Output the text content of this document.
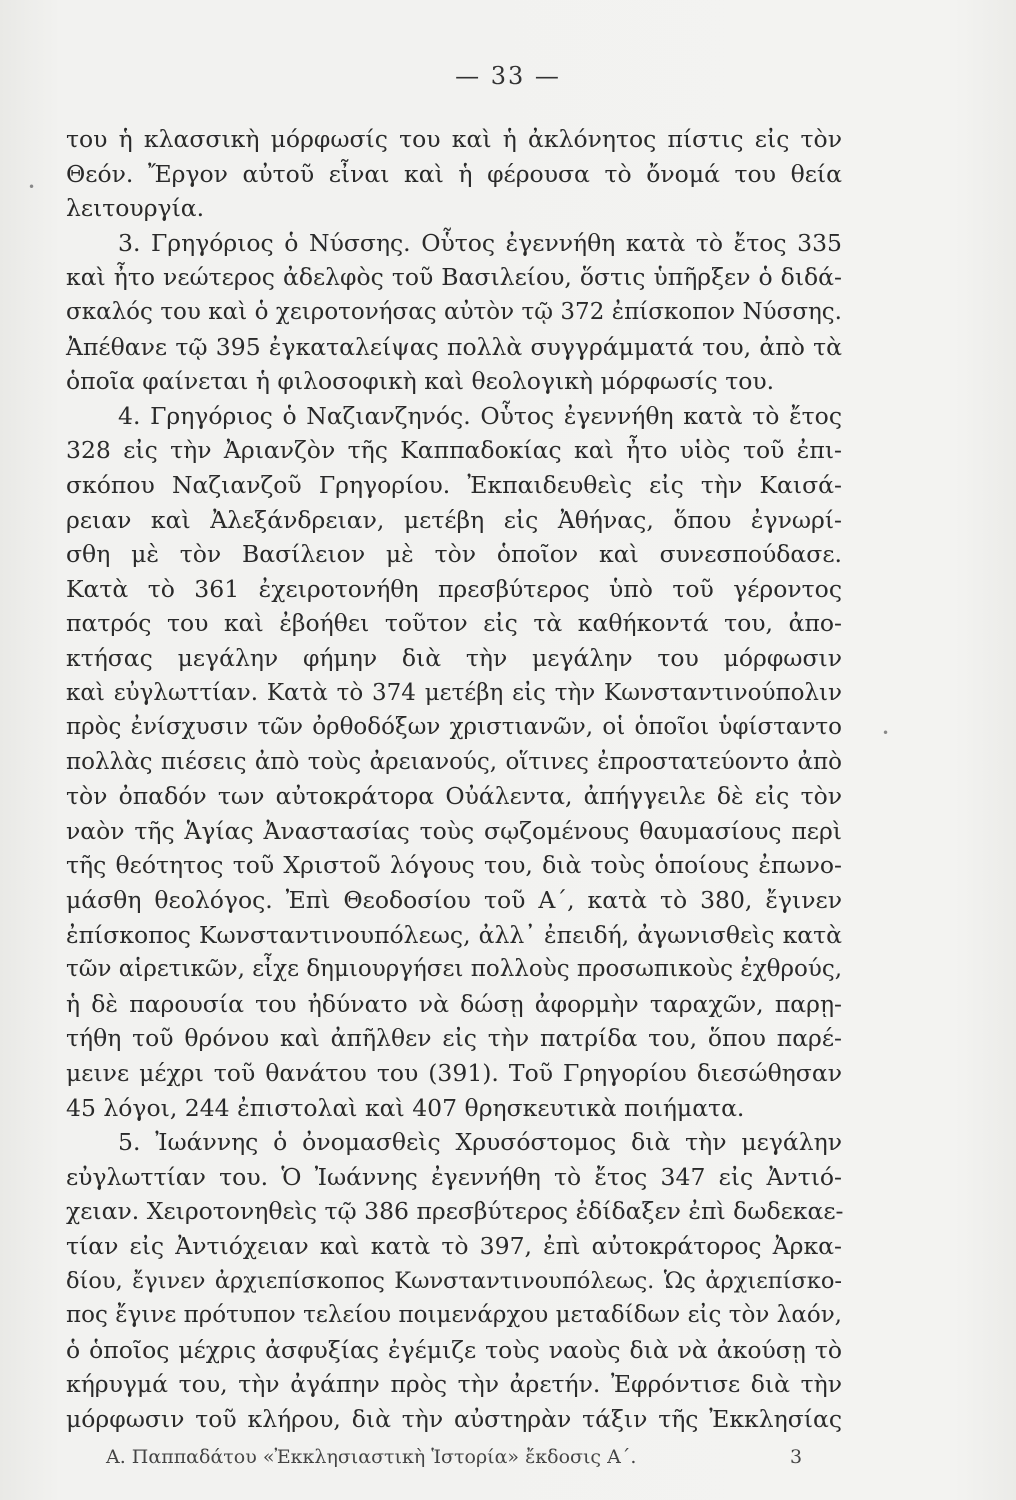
— 33 —
του ἡ κλασσικὴ μόρφωσίς του καὶ ἡ ἀκλόνητος πίστις εἰς τὸν
Θεόν. Ἔργον αὐτοῦ εἶναι καὶ ἡ φέρουσα τὸ ὄνομά του θεία
λειτουργία.
3. Γρηγόριος ὁ Νύσσης. Οὗτος ἐγεννήθη κατὰ τὸ ἔτος 335
καὶ ἦτο νεώτερος ἀδελφὸς τοῦ Βασιλείου, ὅστις ὑπῆρξεν ὁ διδά-
σκαλός του καὶ ὁ χειροτονήσας αὐτὸν τῷ 372 ἐπίσκοπον Νύσσης.
Ἀπέθανε τῷ 395 ἐγκαταλείψας πολλὰ συγγράμματά του, ἀπὸ τὰ
ὁποῖα φαίνεται ἡ φιλοσοφικὴ καὶ θεολογικὴ μόρφωσίς του.
4. Γρηγόριος ὁ Ναζιανζηνός. Οὗτος ἐγεννήθη κατὰ τὸ ἔτος
328 εἰς τὴν Ἀριανζὸν τῆς Καππαδοκίας καὶ ἦτο υἱὸς τοῦ ἐπι-
σκόπου Ναζιανζοῦ Γρηγορίου. Ἐκπαιδευθεὶς εἰς τὴν Καισά-
ρειαν καὶ Ἀλεξάνδρειαν, μετέβη εἰς Ἀθήνας, ὅπου ἐγνωρί-
σθη μὲ τὸν Βασίλειον μὲ τὸν ὁποῖον καὶ συνεσπούδασε.
Κατὰ τὸ 361 ἐχειροτονήθη πρεσβύτερος ὑπὸ τοῦ γέροντος
πατρός του καὶ ἐβοήθει τοῦτον εἰς τὰ καθήκοντά του, ἀπο-
κτήσας μεγάλην φήμην διὰ τὴν μεγάλην του μόρφωσιν
καὶ εὐγλωττίαν. Κατὰ τὸ 374 μετέβη εἰς τὴν Κωνσταντινούπολιν
πρὸς ἐνίσχυσιν τῶν ὀρθοδόξων χριστιανῶν, οἱ ὁποῖοι ὑφίσταντο
πολλὰς πιέσεις ἀπὸ τοὺς ἀρειανούς, οἵτινες ἐπροστατεύοντο ἀπὸ
τὸν ὀπαδόν των αὐτοκράτορα Οὐάλεντα, ἀπήγγειλε δὲ εἰς τὸν
ναὸν τῆς Ἁγίας Ἀναστασίας τοὺς σῳζομένους θαυμασίους περὶ
τῆς θεότητος τοῦ Χριστοῦ λόγους του, διὰ τοὺς ὁποίους ἐπωνο-
μάσθη θεολόγος. Ἐπὶ Θεοδοσίου τοῦ Α΄, κατὰ τὸ 380, ἔγινεν
ἐπίσκοπος Κωνσταντινουπόλεως, ἀλλ᾿ ἐπειδή, ἀγωνισθεὶς κατὰ
τῶν αἱρετικῶν, εἶχε δημιουργήσει πολλοὺς προσωπικοὺς ἐχθρούς,
ἡ δὲ παρουσία του ἠδύνατο νὰ δώσῃ ἀφορμὴν ταραχῶν, παρῃ-
τήθη τοῦ θρόνου καὶ ἀπῆλθεν εἰς τὴν πατρίδα του, ὅπου παρέ-
μεινε μέχρι τοῦ θανάτου του (391). Τοῦ Γρηγορίου διεσώθησαν
45 λόγοι, 244 ἐπιστολαὶ καὶ 407 θρησκευτικὰ ποιήματα.
5. Ἰωάννης ὁ ὀνομασθεὶς Χρυσόστομος διὰ τὴν μεγάλην
εὐγλωττίαν του. Ὁ Ἰωάννης ἐγεννήθη τὸ ἔτος 347 εἰς Ἀντιό-
χειαν. Χειροτονηθεὶς τῷ 386 πρεσβύτερος ἐδίδαξεν ἐπὶ δωδεκαε-
τίαν εἰς Ἀντιόχειαν καὶ κατὰ τὸ 397, ἐπὶ αὐτοκράτορος Ἀρκα-
δίου, ἔγινεν ἀρχιεπίσκοπος Κωνσταντινουπόλεως. Ὡς ἀρχιεπίσκο-
πος ἔγινε πρότυπον τελείου ποιμενάρχου μεταδίδων εἰς τὸν λαόν,
ὁ ὁποῖος μέχρις ἀσφυξίας ἐγέμιζε τοὺς ναοὺς διὰ νὰ ἀκούσῃ τὸ
κήρυγμά του, τὴν ἀγάπην πρὸς τὴν ἀρετήν. Ἐφρόντισε διὰ τὴν
μόρφωσιν τοῦ κλήρου, διὰ τὴν αὐστηρὰν τάξιν τῆς Ἐκκλησίας
Α. Παππαδάτου «Ἐκκλησιαστικὴ Ἱστορία» ἔκδοσις Α΄.	3
•
•
